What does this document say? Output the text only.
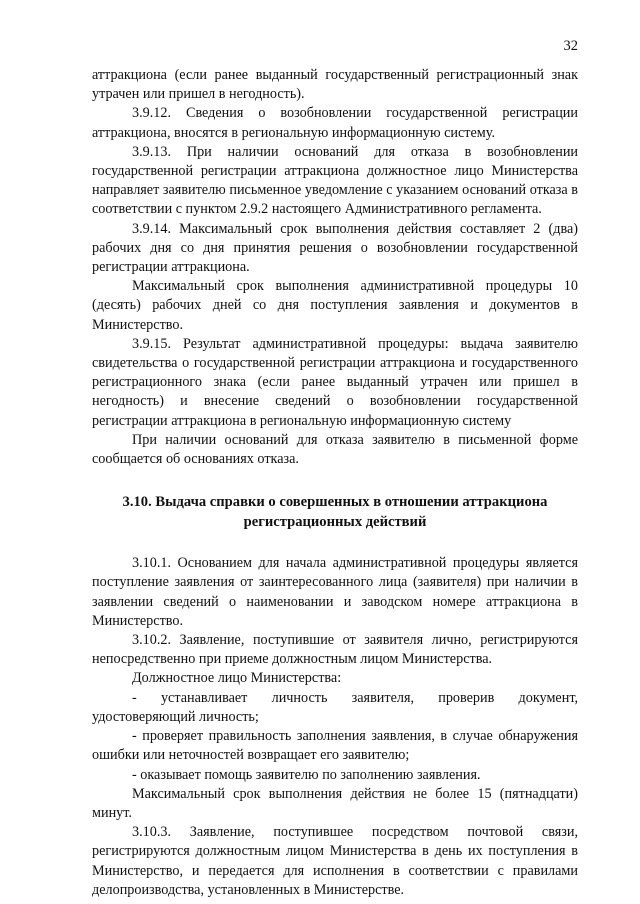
32

аттракциона (если ранее выданный государственный регистрационный знак утрачен или пришел в негодность).

3.9.12. Сведения о возобновлении государственной регистрации аттракциона, вносятся в региональную информационную систему.

3.9.13. При наличии оснований для отказа в возобновлении государственной регистрации аттракциона должностное лицо Министерства направляет заявителю письменное уведомление с указанием оснований отказа в соответствии с пунктом 2.9.2 настоящего Административного регламента.

3.9.14. Максимальный срок выполнения действия составляет 2 (два) рабочих дня со дня принятия решения о возобновлении государственной регистрации аттракциона.

Максимальный срок выполнения административной процедуры 10 (десять) рабочих дней со дня поступления заявления и документов в Министерство.

3.9.15. Результат административной процедуры: выдача заявителю свидетельства о государственной регистрации аттракциона и государственного регистрационного знака (если ранее выданный утрачен или пришел в негодность) и внесение сведений о возобновлении государственной регистрации аттракциона в региональную информационную систему

При наличии оснований для отказа заявителю в письменной форме сообщается об основаниях отказа.

3.10. Выдача справки о совершенных в отношении аттракциона регистрационных действий

3.10.1. Основанием для начала административной процедуры является поступление заявления от заинтересованного лица (заявителя) при наличии в заявлении сведений о наименовании и заводском номере аттракциона в Министерство.

3.10.2. Заявление, поступившие от заявителя лично, регистрируются непосредственно при приеме должностным лицом Министерства.

Должностное лицо Министерства:

- устанавливает личность заявителя, проверив документ, удостоверяющий личность;

- проверяет правильность заполнения заявления, в случае обнаружения ошибки или неточностей возвращает его заявителю;

- оказывает помощь заявителю по заполнению заявления.

Максимальный срок выполнения действия не более 15 (пятнадцати) минут.

3.10.3. Заявление, поступившее посредством почтовой связи, регистрируются должностным лицом Министерства в день их поступления в Министерство, и передается для исполнения в соответствии с правилами делопроизводства, установленных в Министерстве.
